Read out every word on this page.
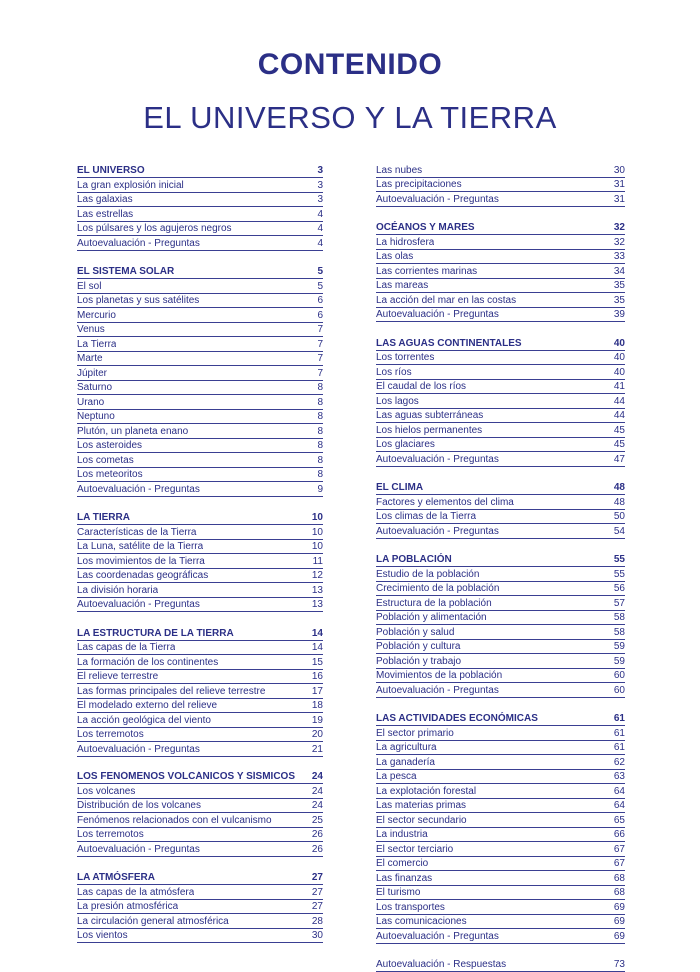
CONTENIDO
EL UNIVERSO Y LA TIERRA
EL UNIVERSO	3
La gran explosión inicial	3
Las galaxias	3
Las estrellas	4
Los púlsares y los agujeros negros	4
Autoevaluación - Preguntas	4
EL SISTEMA SOLAR	5
El sol	5
Los planetas y sus satélites	6
Mercurio	6
Venus	7
La Tierra	7
Marte	7
Júpiter	7
Saturno	8
Urano	8
Neptuno	8
Plutón, un planeta enano	8
Los asteroides	8
Los cometas	8
Los meteoritos	8
Autoevaluación - Preguntas	9
LA TIERRA	10
Características de la Tierra	10
La Luna, satélite de la Tierra	10
Los movimientos de la Tierra	11
Las coordenadas geográficas	12
La división horaria	13
Autoevaluación - Preguntas	13
LA ESTRUCTURA DE LA TIERRA	14
Las capas de la Tierra	14
La formación de los continentes	15
El relieve terrestre	16
Las formas principales del relieve terrestre	17
El modelado externo del relieve	18
La acción geológica del viento	19
Los terremotos	20
Autoevaluación - Preguntas	21
LOS FENÓMENOS VOLCÁNICOS Y SÍSMICOS	24
Los volcanes	24
Distribución de los volcanes	24
Fenómenos relacionados con el vulcanismo	25
Los terremotos	26
Autoevaluación - Preguntas	26
LA ATMÓSFERA	27
Las capas de la atmósfera	27
La presión atmosférica	27
La circulación general atmosférica	28
Los vientos	30
Las nubes	30
Las precipitaciones	31
Autoevaluación - Preguntas	31
OCÉANOS Y MARES	32
La hidrosfera	32
Las olas	33
Las corrientes marinas	34
Las mareas	35
La acción del mar en las costas	35
Autoevaluación - Preguntas	39
LAS AGUAS CONTINENTALES	40
Los torrentes	40
Los ríos	40
El caudal de los ríos	41
Los lagos	44
Las aguas subterráneas	44
Los hielos permanentes	45
Los glaciares	45
Autoevaluación - Preguntas	47
EL CLIMA	48
Factores y elementos del clima	48
Los climas de la Tierra	50
Autoevaluación - Preguntas	54
LA POBLACIÓN	55
Estudio de la población	55
Crecimiento de la población	56
Estructura de la población	57
Población y alimentación	58
Población y salud	58
Población y cultura	59
Población y trabajo	59
Movimientos de la población	60
Autoevaluación - Preguntas	60
LAS ACTIVIDADES ECONÓMICAS	61
El sector primario	61
La agricultura	61
La ganadería	62
La pesca	63
La explotación forestal	64
Las materias primas	64
El sector secundario	65
La industria	66
El sector terciario	67
El comercio	67
Las finanzas	68
El turismo	68
Los transportes	69
Las comunicaciones	69
Autoevaluación - Preguntas	69
Autoevaluación - Respuestas	73
